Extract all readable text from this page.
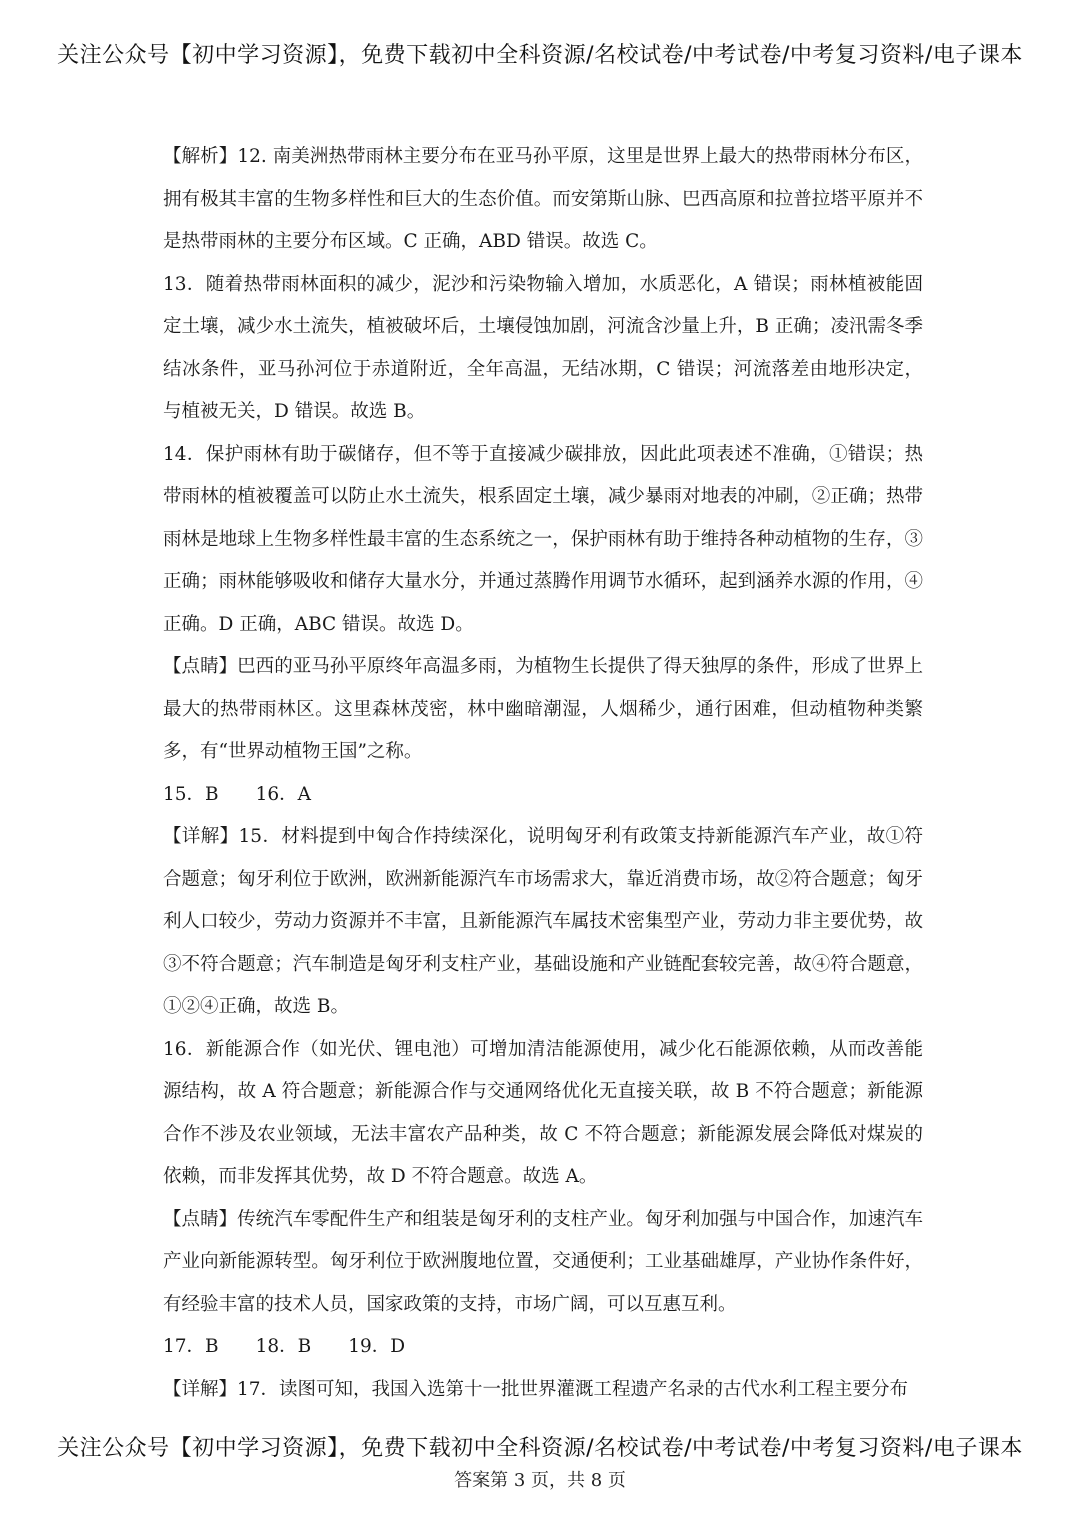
关注公众号【初中学习资源】，免费下载初中全科资源/名校试卷/中考试卷/中考复习资料/电子课本

【解析】12. 南美洲热带雨林主要分布在亚马孙平原，这里是世界上最大的热带雨林分布区，拥有极其丰富的生物多样性和巨大的生态价值。而安第斯山脉、巴西高原和拉普拉塔平原并不是热带雨林的主要分布区域。C 正确，ABD 错误。故选 C。

13．随着热带雨林面积的减少，泥沙和污染物输入增加，水质恶化，A 错误；雨林植被能固定土壤，减少水土流失，植被破坏后，土壤侵蚀加剧，河流含沙量上升，B 正确；凌汛需冬季结冰条件，亚马孙河位于赤道附近，全年高温，无结冰期，C 错误；河流落差由地形决定，与植被无关，D 错误。故选 B。

14．保护雨林有助于碳储存，但不等于直接减少碳排放，因此此项表述不准确，①错误；热带雨林的植被覆盖可以防止水土流失，根系固定土壤，减少暴雨对地表的冲刷，②正确；热带雨林是地球上生物多样性最丰富的生态系统之一，保护雨林有助于维持各种动植物的生存，③正确；雨林能够吸收和储存大量水分，并通过蒸腾作用调节水循环，起到涵养水源的作用，④正确。D 正确，ABC 错误。故选 D。

【点睛】巴西的亚马孙平原终年高温多雨，为植物生长提供了得天独厚的条件，形成了世界上最大的热带雨林区。这里森林茂密，林中幽暗潮湿，人烟稀少，通行困难，但动植物种类繁多，有“世界动植物王国”之称。

15．B　　16．A

【详解】15．材料提到中匈合作持续深化，说明匈牙利有政策支持新能源汽车产业，故①符合题意；匈牙利位于欧洲，欧洲新能源汽车市场需求大，靠近消费市场，故②符合题意；匈牙利人口较少，劳动力资源并不丰富，且新能源汽车属技术密集型产业，劳动力非主要优势，故③不符合题意；汽车制造是匈牙利支柱产业，基础设施和产业链配套较完善，故④符合题意，①②④正确，故选 B。

16．新能源合作（如光伏、锂电池）可增加清洁能源使用，减少化石能源依赖，从而改善能源结构，故 A 符合题意；新能源合作与交通网络优化无直接关联，故 B 不符合题意；新能源合作不涉及农业领域，无法丰富农产品种类，故 C 不符合题意；新能源发展会降低对煤炭的依赖，而非发挥其优势，故 D 不符合题意。故选 A。

【点睛】传统汽车零配件生产和组装是匈牙利的支柱产业。匈牙利加强与中国合作，加速汽车产业向新能源转型。匈牙利位于欧洲腹地位置，交通便利；工业基础雄厚，产业协作条件好，有经验丰富的技术人员，国家政策的支持，市场广阔，可以互惠互利。

17．B　　18．B　　19．D

【详解】17．读图可知，我国入选第十一批世界灌溉工程遗产名录的古代水利工程主要分布

关注公众号【初中学习资源】，免费下载初中全科资源/名校试卷/中考试卷/中考复习资料/电子课本
答案第 3 页，共 8 页
